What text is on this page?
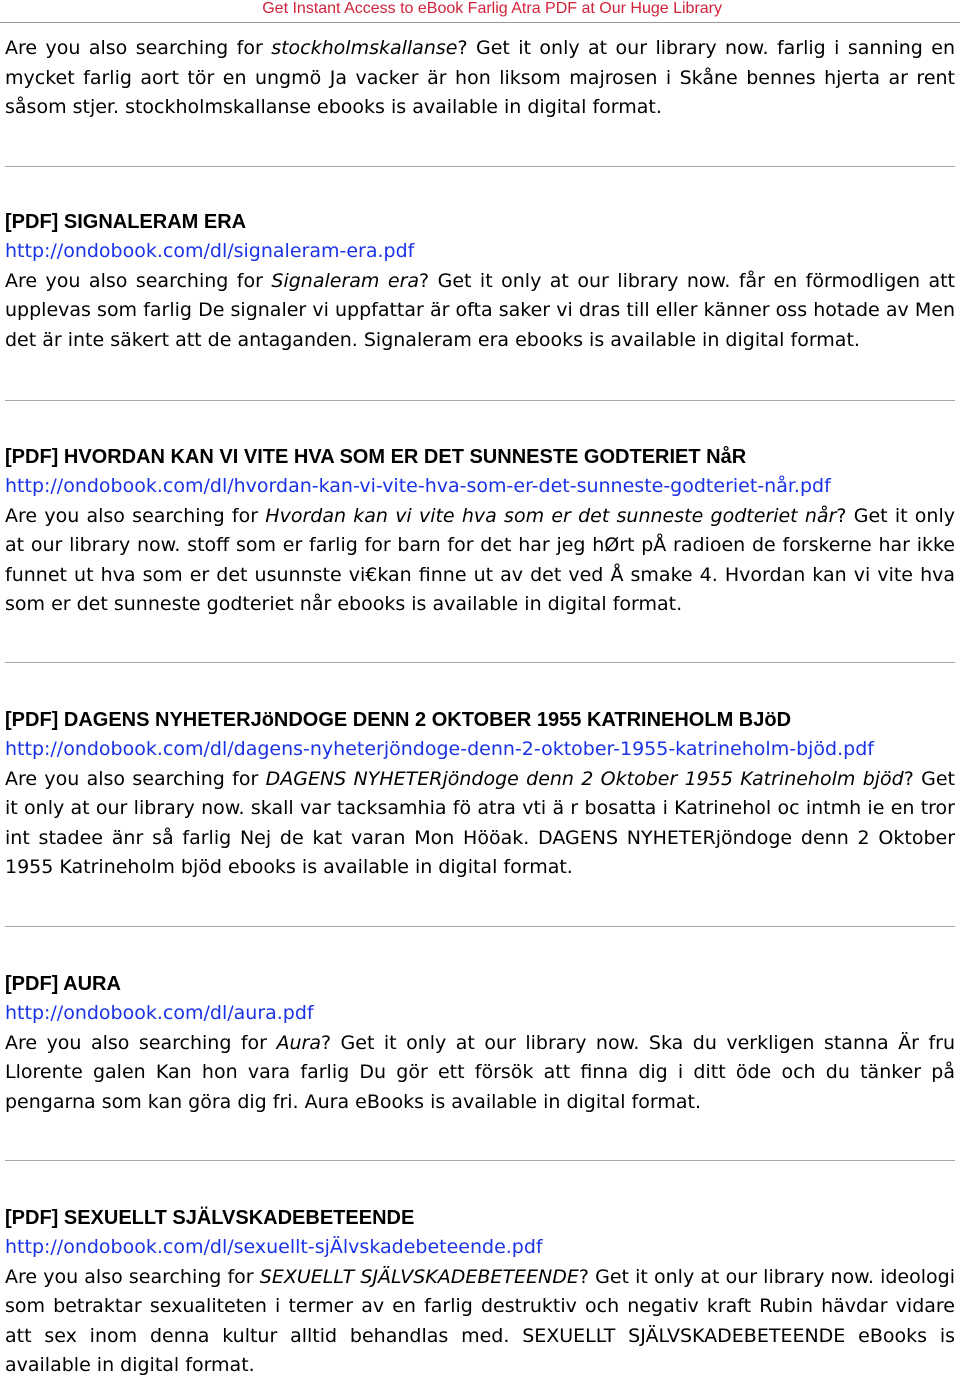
Get Instant Access to eBook Farlig Atra PDF at Our Huge Library

Are you also searching for stockholmskallanse? Get it only at our library now. farlig i sanning en mycket farlig aort tör en ungmö Ja vacker är hon liksom majrosen i Skåne bennes hjerta ar rent såsom stjer. stockholmskallanse ebooks is available in digital format.

[PDF] SIGNALERAM ERA

http://ondobook.com/dl/signaleram-era.pdf

Are you also searching for Signaleram era? Get it only at our library now. får en förmodligen att upplevas som farlig De signaler vi uppfattar är ofta saker vi dras till eller känner oss hotade av Men det är inte säkert att de antaganden. Signaleram era ebooks is available in digital format.

[PDF] HVORDAN KAN VI VITE HVA SOM ER DET SUNNESTE GODTERIET NåR

http://ondobook.com/dl/hvordan-kan-vi-vite-hva-som-er-det-sunneste-godteriet-når.pdf

Are you also searching for Hvordan kan vi vite hva som er det sunneste godteriet når? Get it only at our library now. stoff som er farlig for barn for det har jeg hØrt pÅ radioen de forskerne har ikke funnet ut hva som er det usunnste vi€kan finne ut av det ved Å smake 4. Hvordan kan vi vite hva som er det sunneste godteriet når ebooks is available in digital format.

[PDF] DAGENS NYHETERJöNDOGE DENN 2 OKTOBER 1955 KATRINEHOLM BJöD

http://ondobook.com/dl/dagens-nyheterjöndoge-denn-2-oktober-1955-katrineholm-bjöd.pdf

Are you also searching for DAGENS NYHETERjöndoge denn 2 Oktober 1955 Katrineholm bjöd? Get it only at our library now. skall var tacksamhia fö atra vti ä r bosatta i Katrinehol oc intmh ie en tror int stadee änr så farlig Nej de kat varan Mon Hööak. DAGENS NYHETERjöndoge denn 2 Oktober 1955 Katrineholm bjöd ebooks is available in digital format.

[PDF] AURA

http://ondobook.com/dl/aura.pdf

Are you also searching for Aura? Get it only at our library now. Ska du verkligen stanna Är fru Llorente galen Kan hon vara farlig Du gör ett försök att finna dig i ditt öde och du tänker på pengarna som kan göra dig fri. Aura eBooks is available in digital format.

[PDF] SEXUELLT SJÄLVSKADEBETEENDE

http://ondobook.com/dl/sexuellt-sjÄlvskadebeteende.pdf

Are you also searching for SEXUELLT SJÄLVSKADEBETEENDE? Get it only at our library now. ideologi som betraktar sexualiteten i termer av en farlig destruktiv och negativ kraft Rubin hävdar vidare att sex inom denna kultur alltid behandlas med. SEXUELLT SJÄLVSKADEBETEENDE eBooks is available in digital format.
